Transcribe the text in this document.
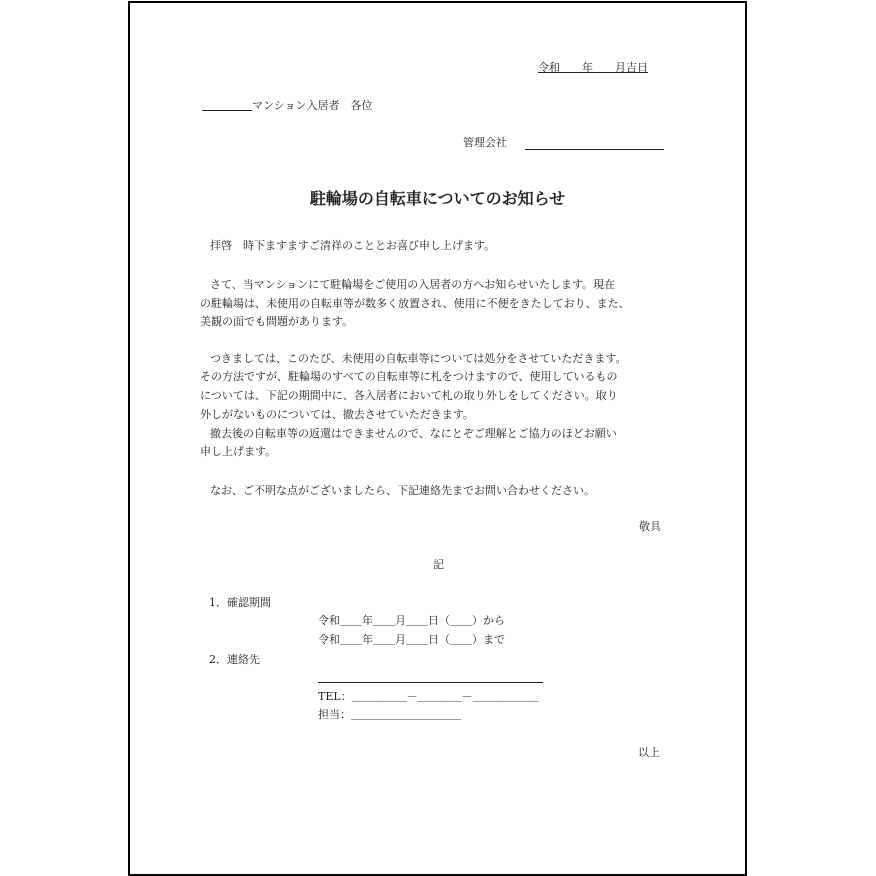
令和　　年　　月吉日
マンション入居者　各位
管理会社
駐輪場の自転車についてのお知らせ
拝啓　時下ますますご清祥のこととお喜び申し上げます。
さて、当マンションにて駐輪場をご使用の入居者の方へお知らせいたします。現在
の駐輪場は、未使用の自転車等が数多く放置され、使用に不便をきたしており、また、
美観の面でも問題があります。
つきましては、このたび、未使用の自転車等については処分をさせていただきます。
その方法ですが、駐輪場のすべての自転車等に札をつけますので、使用しているもの
については、下記の期間中に、各入居者において札の取り外しをしてください。取り
外しがないものについては、撤去させていただきます。
撤去後の自転車等の返還はできませんので、なにとぞご理解とご協力のほどお願い
申し上げます。
なお、ご不明な点がございましたら、下記連絡先までお問い合わせください。
敬具
記
1．確認期間
令和＿＿年＿＿月＿＿日（＿＿）から
令和＿＿年＿＿月＿＿日（＿＿）まで
2．連絡先
TEL：＿＿＿＿＿－＿＿＿＿－＿＿＿＿＿＿
担当：＿＿＿＿＿＿＿＿＿＿
以上
